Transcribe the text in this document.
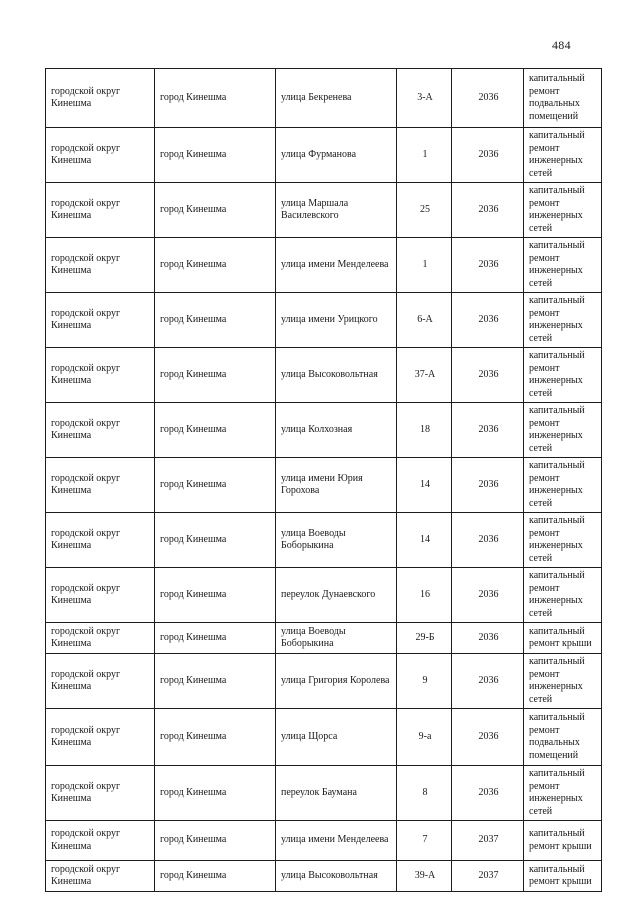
484
городской округ Кинешма	город Кинешма	улица Бекренева	3-А	2036	капитальный ремонт подвальных помещений
городской округ Кинешма	город Кинешма	улица Фурманова	1	2036	капитальный ремонт инженерных сетей
городской округ Кинешма	город Кинешма	улица Маршала Василевского	25	2036	капитальный ремонт инженерных сетей
городской округ Кинешма	город Кинешма	улица имени Менделеева	1	2036	капитальный ремонт инженерных сетей
городской округ Кинешма	город Кинешма	улица имени Урицкого	6-А	2036	капитальный ремонт инженерных сетей
городской округ Кинешма	город Кинешма	улица Высоковольтная	37-А	2036	капитальный ремонт инженерных сетей
городской округ Кинешма	город Кинешма	улица Колхозная	18	2036	капитальный ремонт инженерных сетей
городской округ Кинешма	город Кинешма	улица имени Юрия Горохова	14	2036	капитальный ремонт инженерных сетей
городской округ Кинешма	город Кинешма	улица Воеводы Боборыкина	14	2036	капитальный ремонт инженерных сетей
городской округ Кинешма	город Кинешма	переулок Дунаевского	16	2036	капитальный ремонт инженерных сетей
городской округ Кинешма	город Кинешма	улица Воеводы Боборыкина	29-Б	2036	капитальный ремонт крыши
городской округ Кинешма	город Кинешма	улица Григория Королева	9	2036	капитальный ремонт инженерных сетей
городской округ Кинешма	город Кинешма	улица Щорса	9-а	2036	капитальный ремонт подвальных помещений
городской округ Кинешма	город Кинешма	переулок Баумана	8	2036	капитальный ремонт инженерных сетей
городской округ Кинешма	город Кинешма	улица имени Менделеева	7	2037	капитальный ремонт крыши
городской округ Кинешма	город Кинешма	улица Высоковольтная	39-А	2037	капитальный ремонт крыши
